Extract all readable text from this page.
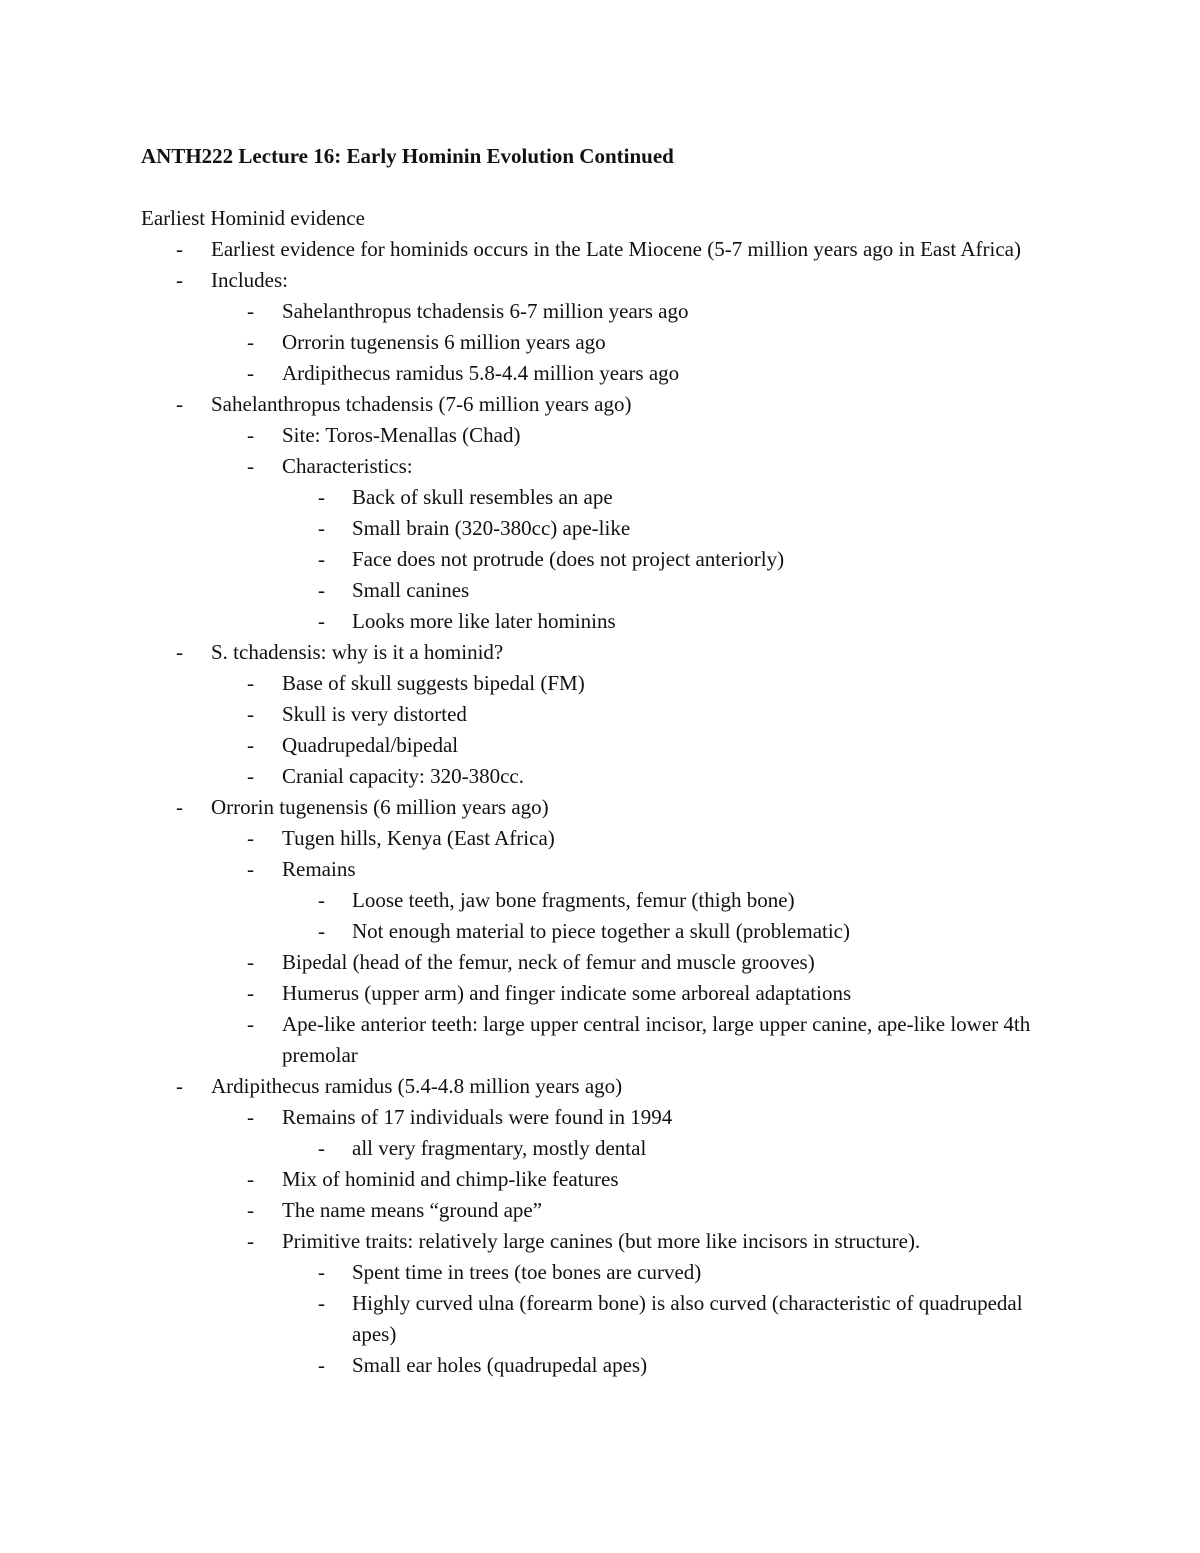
ANTH222 Lecture 16: Early Hominin Evolution Continued
Earliest Hominid evidence
-	Earliest evidence for hominids occurs in the Late Miocene (5-7 million years ago in East Africa)
-	Includes:
-	Sahelanthropus tchadensis 6-7 million years ago
-	Orrorin tugenensis 6 million years ago
-	Ardipithecus ramidus 5.8-4.4 million years ago
-	Sahelanthropus tchadensis (7-6 million years ago)
-	Site: Toros-Menallas (Chad)
-	Characteristics:
-	Back of skull resembles an ape
-	Small brain (320-380cc) ape-like
-	Face does not protrude (does not project anteriorly)
-	Small canines
-	Looks more like later hominins
-	S. tchadensis: why is it a hominid?
-	Base of skull suggests bipedal (FM)
-	Skull is very distorted
-	Quadrupedal/bipedal
-	Cranial capacity: 320-380cc.
-	Orrorin tugenensis (6 million years ago)
-	Tugen hills, Kenya (East Africa)
-	Remains
-	Loose teeth, jaw bone fragments, femur (thigh bone)
-	Not enough material to piece together a skull (problematic)
-	Bipedal (head of the femur, neck of femur and muscle grooves)
-	Humerus (upper arm) and finger indicate some arboreal adaptations
-	Ape-like anterior teeth: large upper central incisor, large upper canine, ape-like lower 4th premolar
-	Ardipithecus ramidus (5.4-4.8 million years ago)
-	Remains of 17 individuals were found in 1994
-	all very fragmentary, mostly dental
-	Mix of hominid and chimp-like features
-	The name means “ground ape”
-	Primitive traits: relatively large canines (but more like incisors in structure).
-	Spent time in trees (toe bones are curved)
-	Highly curved ulna (forearm bone) is also curved (characteristic of quadrupedal apes)
-	Small ear holes (quadrupedal apes)
